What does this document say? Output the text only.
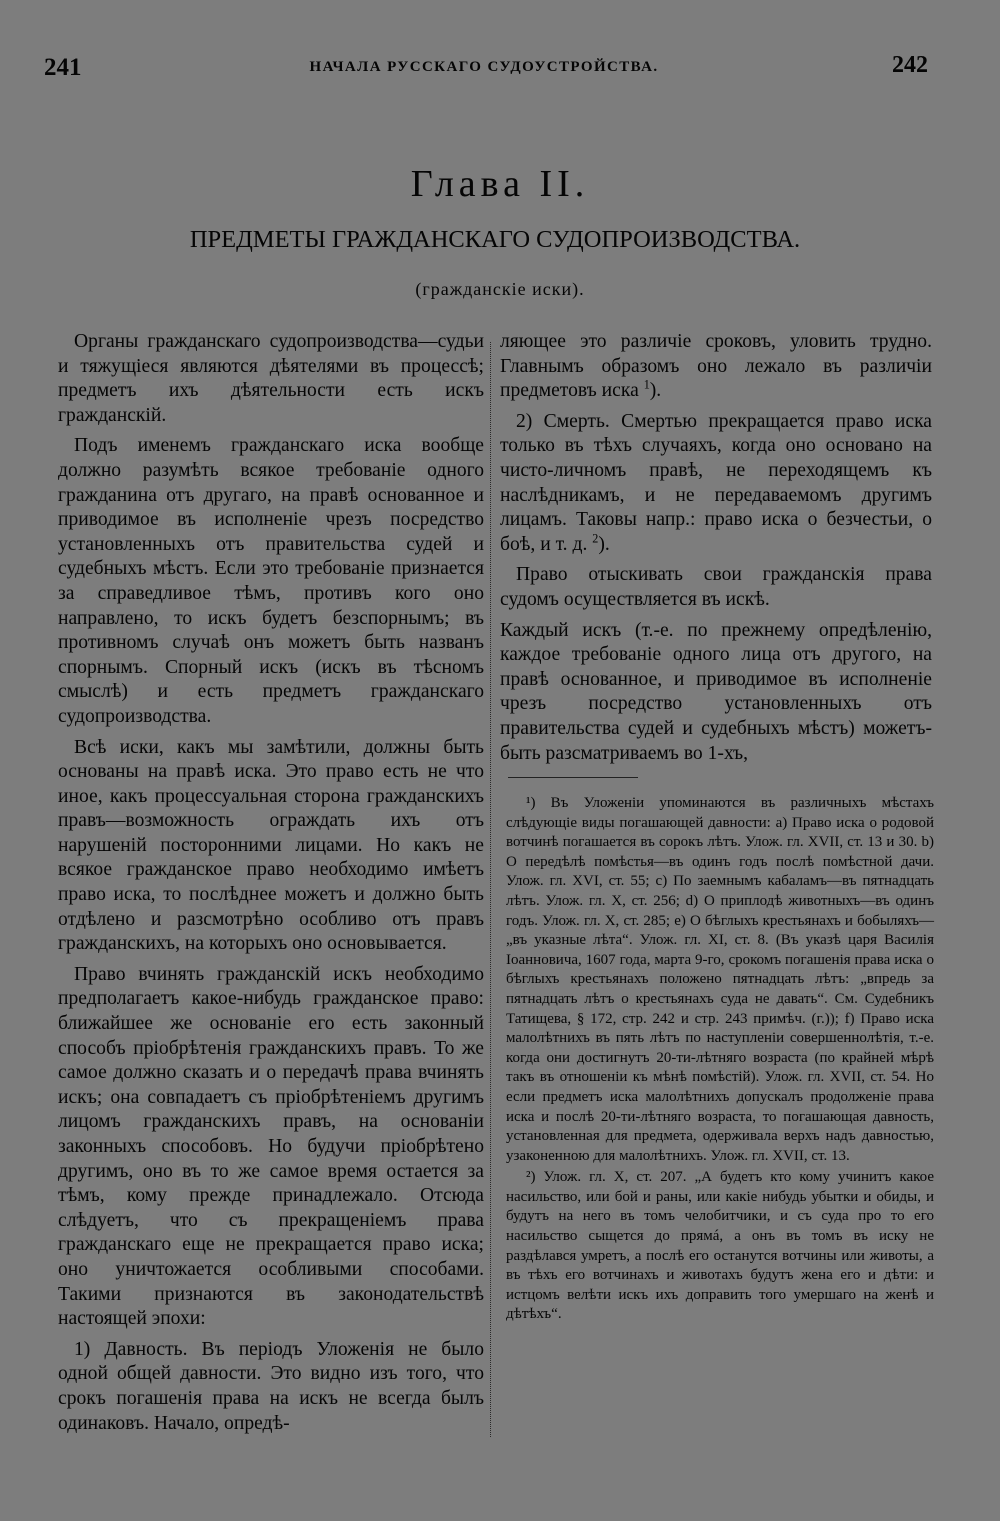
241	НАЧАЛА РУССКАГО СУДОУСТРОЙСТВА.	242
Глава II.
ПРЕДМЕТЫ ГРАЖДАНСКАГО СУДОПРОИЗВОДСТВА.
(гражданскіе иски).

Органы гражданскаго судопроизводства—судьи и тяжущіеся являются дѣятелями въ процессѣ; предметъ ихъ дѣятельности есть искъ гражданскій.

Подъ именемъ гражданскаго иска вообще должно разумѣть всякое требованіе одного гражданина отъ другаго, на правѣ основанное и приводимое въ исполненіе чрезъ посредство установленныхъ отъ правительства судей и судебныхъ мѣстъ. Если это требованіе признается за справедливое тѣмъ, противъ кого оно направлено, то искъ будетъ безспорнымъ; въ противномъ случаѣ онъ можетъ быть названъ спорнымъ. Спорный искъ (искъ въ тѣсномъ смыслѣ) и есть предметъ гражданскаго судопроизводства.

Всѣ иски, какъ мы замѣтили, должны быть основаны на правѣ иска. Это право есть не что иное, какъ процессуальная сторона гражданскихъ правъ—возможность ограждать ихъ отъ нарушеній посторонними лицами. Но какъ не всякое гражданское право необходимо имѣетъ право иска, то послѣднее можетъ и должно быть отдѣлено и разсмотрѣно особливо отъ правъ гражданскихъ, на которыхъ оно основывается.

Право вчинять гражданскій искъ необходимо предполагаетъ какое-нибудь гражданское право: ближайшее же основаніе его есть законный способъ пріобрѣтенія гражданскихъ правъ. То же самое должно сказать и о передачѣ права вчинять искъ; она совпадаетъ съ пріобрѣтеніемъ другимъ лицомъ гражданскихъ правъ, на основаніи законныхъ способовъ. Но будучи пріобрѣтено другимъ, оно въ то же самое время остается за тѣмъ, кому прежде принадлежало. Отсюда слѣдуетъ, что съ прекращеніемъ права гражданскаго еще не прекращается право иска; оно уничтожается особливыми способами. Такими признаются въ законодательствѣ настоящей эпохи:

1) Давность. Въ періодъ Уложенія не было одной общей давности. Это видно изъ того, что срокъ погашенія права на искъ не всегда былъ одинаковъ. Начало, опредѣ-

ляющее это различіе сроковъ, уловить трудно. Главнымъ образомъ оно лежало въ различіи предметовъ иска $^1$).

2) Смерть. Смертью прекращается право иска только въ тѣхъ случаяхъ, когда оно основано на чисто-личномъ правѣ, не переходящемъ къ наслѣдникамъ, и не передаваемомъ другимъ лицамъ. Таковы напр.: право иска о безчестьи, о боѣ, и т. д. $^2$).

Право отыскивать свои гражданскія права судомъ осуществляется въ искѣ.

Каждый искъ (т.-е. по прежнему опредѣленію, каждое требованіе одного лица отъ другого, на правѣ основанное, и приводимое въ исполненіе чрезъ посредство установленныхъ отъ правительства судей и судебныхъ мѣстъ) можетъ-быть разсматриваемъ во 1-хъ,

¹) Въ Уложеніи упоминаются въ различныхъ мѣстахъ слѣдующіе виды погашающей давности: а) Право иска о родовой вотчинѣ погашается въ сорокъ лѣтъ. Улож. гл. XVII, ст. 13 и 30. b) О передѣлѣ помѣстья—въ одинъ годъ послѣ помѣстной дачи. Улож. гл. XVI, ст. 55; c) По заемнымъ кабаламъ—въ пятнадцать лѣтъ. Улож. гл. X, ст. 256; d) О приплодѣ животныхъ—въ одинъ годъ. Улож. гл. X, ст. 285; e) О бѣглыхъ крестьянахъ и бобыляхъ—„въ указные лѣта“. Улож. гл. XI, ст. 8. (Въ указѣ царя Василія Іоанновича, 1607 года, марта 9-го, срокомъ погашенія права иска о бѣглыхъ крестьянахъ положено пятнадцать лѣтъ: „впредь за пятнадцать лѣтъ о крестьянахъ суда не давать“. См. Судебникъ Татищева, § 172, стр. 242 и стр. 243 примѣч. (г.)); f) Право иска малолѣтнихъ въ пять лѣтъ по наступленіи совершеннолѣтія, т.-е. когда они достигнутъ 20-ти-лѣтняго возраста (по крайней мѣрѣ такъ въ отношеніи къ мѣнѣ помѣстій). Улож. гл. XVII, ст. 54. Но если предметъ иска малолѣтнихъ допускалъ продолженіе права иска и послѣ 20-ти-лѣтняго возраста, то погашающая давность, установленная для предмета, одерживала верхъ надъ давностью, узаконенною для малолѣтнихъ. Улож. гл. XVII, ст. 13.

²) Улож. гл. X, ст. 207. „А будетъ кто кому учинитъ какое насильство, или бой и раны, или какіе нибудь убытки и обиды, и будутъ на него въ томъ челобитчики, и съ суда про то его насильство сыщется до прямá, а онъ въ томъ въ иску не раздѣлався умретъ, а послѣ его останутся вотчины или животы, а въ тѣхъ его вотчинахъ и животахъ будутъ жена его и дѣти: и истцомъ велѣти искъ ихъ доправить того умершаго на женѣ и дѣтѣхъ“.
